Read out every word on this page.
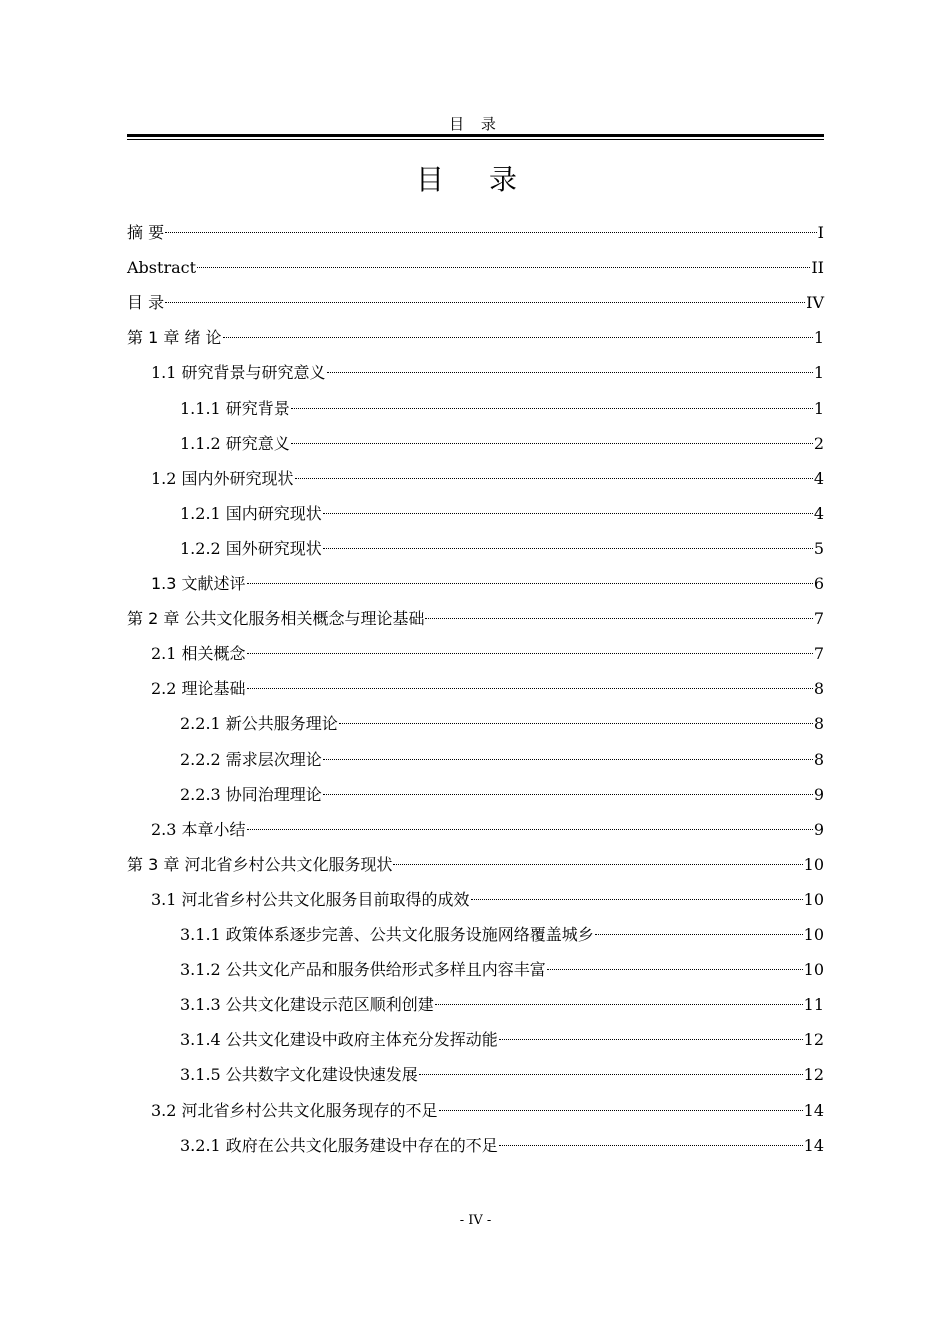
目 录
目 录
摘 要	I
Abstract	II
目 录	IV
第 1 章 绪 论	1
1.1 研究背景与研究意义	1
1.1.1 研究背景	1
1.1.2 研究意义	2
1.2 国内外研究现状	4
1.2.1 国内研究现状	4
1.2.2 国外研究现状	5
1.3 文献述评	6
第 2 章 公共文化服务相关概念与理论基础	7
2.1 相关概念	7
2.2 理论基础	8
2.2.1 新公共服务理论	8
2.2.2 需求层次理论	8
2.2.3 协同治理理论	9
2.3 本章小结	9
第 3 章 河北省乡村公共文化服务现状	10
3.1 河北省乡村公共文化服务目前取得的成效	10
3.1.1 政策体系逐步完善、公共文化服务设施网络覆盖城乡	10
3.1.2 公共文化产品和服务供给形式多样且内容丰富	10
3.1.3 公共文化建设示范区顺利创建	11
3.1.4 公共文化建设中政府主体充分发挥动能	12
3.1.5 公共数字文化建设快速发展	12
3.2 河北省乡村公共文化服务现存的不足	14
3.2.1 政府在公共文化服务建设中存在的不足	14
- IV -
